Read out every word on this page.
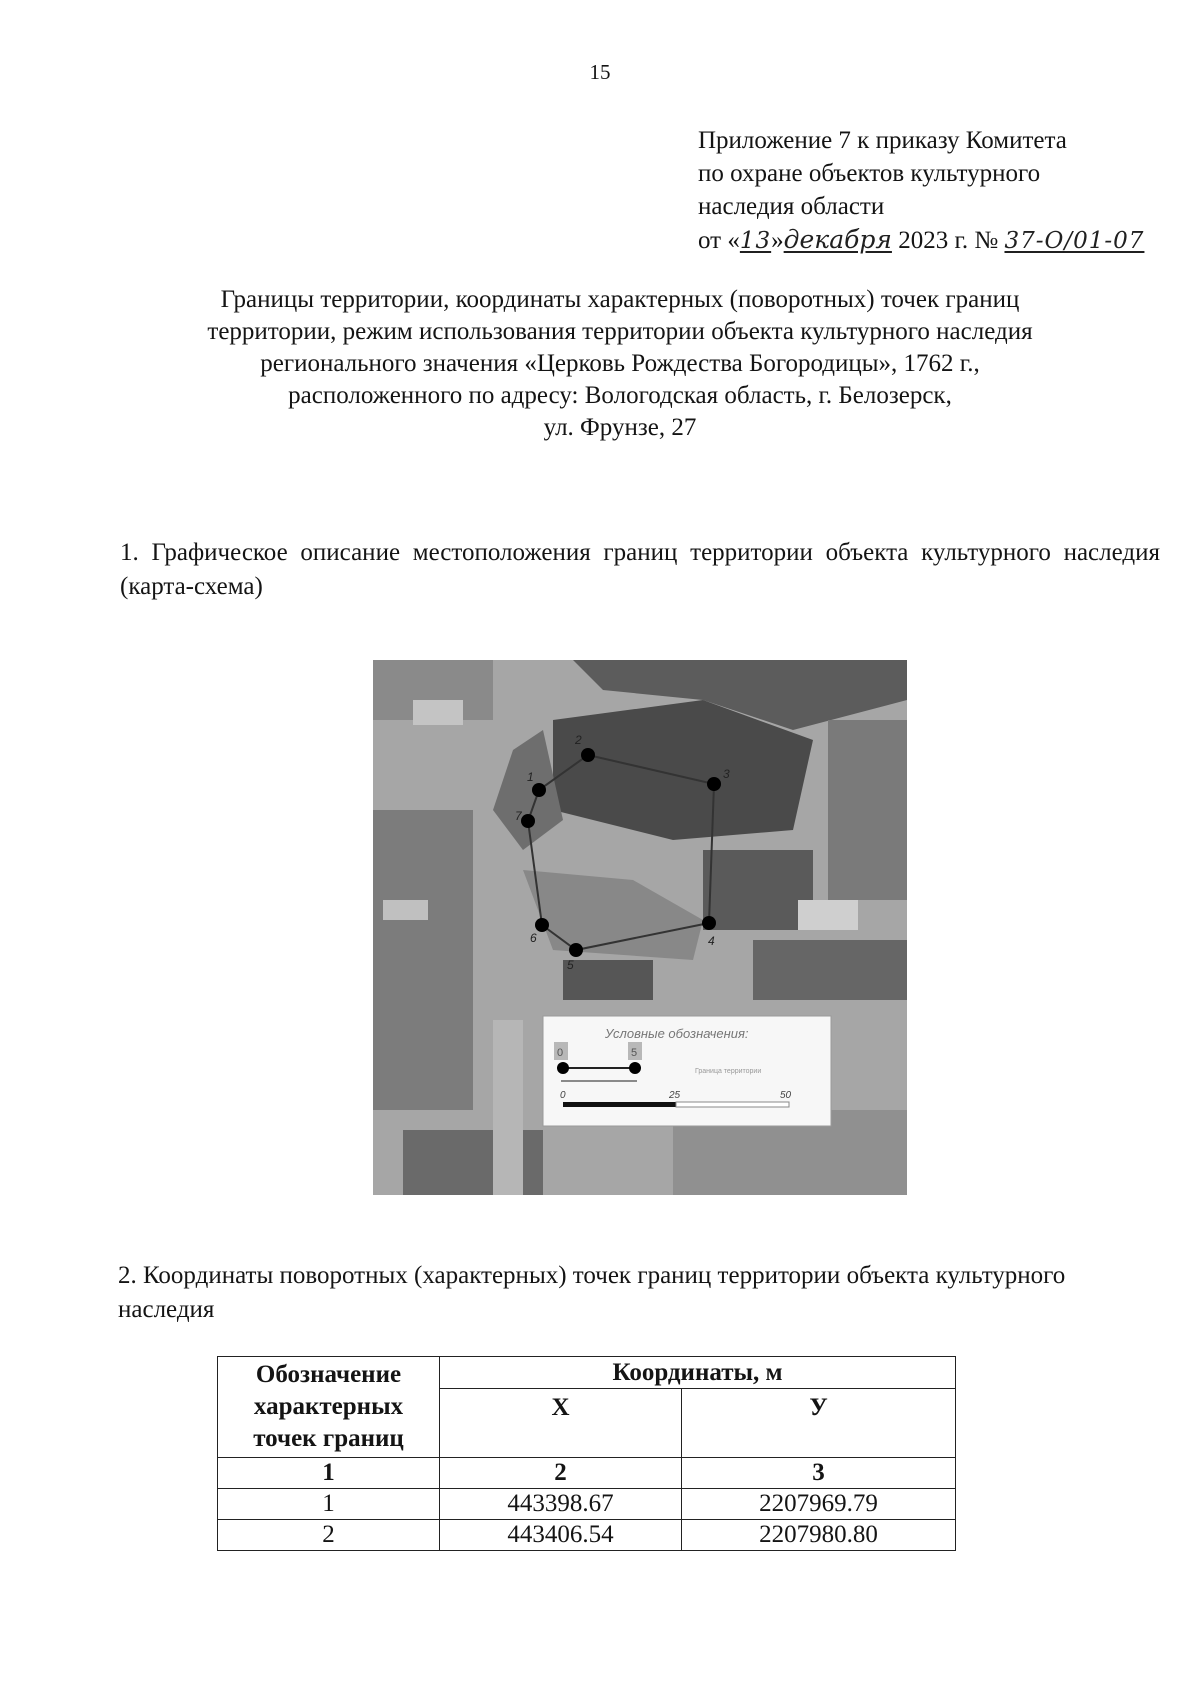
15
Приложение 7 к приказу Комитета
по охране объектов культурного
наследия области
от «13»декабря 2023 г. № 37-О/01-07
Границы территории, координаты характерных (поворотных) точек границ
территории, режим использования территории объекта культурного наследия
регионального значения «Церковь Рождества Богородицы», 1762 г.,
расположенного по адресу: Вологодская область, г. Белозерск,
ул. Фрунзе, 27
1. Графическое описание местоположения границ территории объекта культурного наследия (карта-схема)
2
3
4
5
6
7
1
Условные обозначения:
0	5
Граница территории
0	25	50
2. Координаты поворотных (характерных) точек границ территории объекта культурного наследия
Обозначение
характерных
точек границ	Координаты, м	
	X	У
1	2	3
1	443398.67	2207969.79
2	443406.54	2207980.80
